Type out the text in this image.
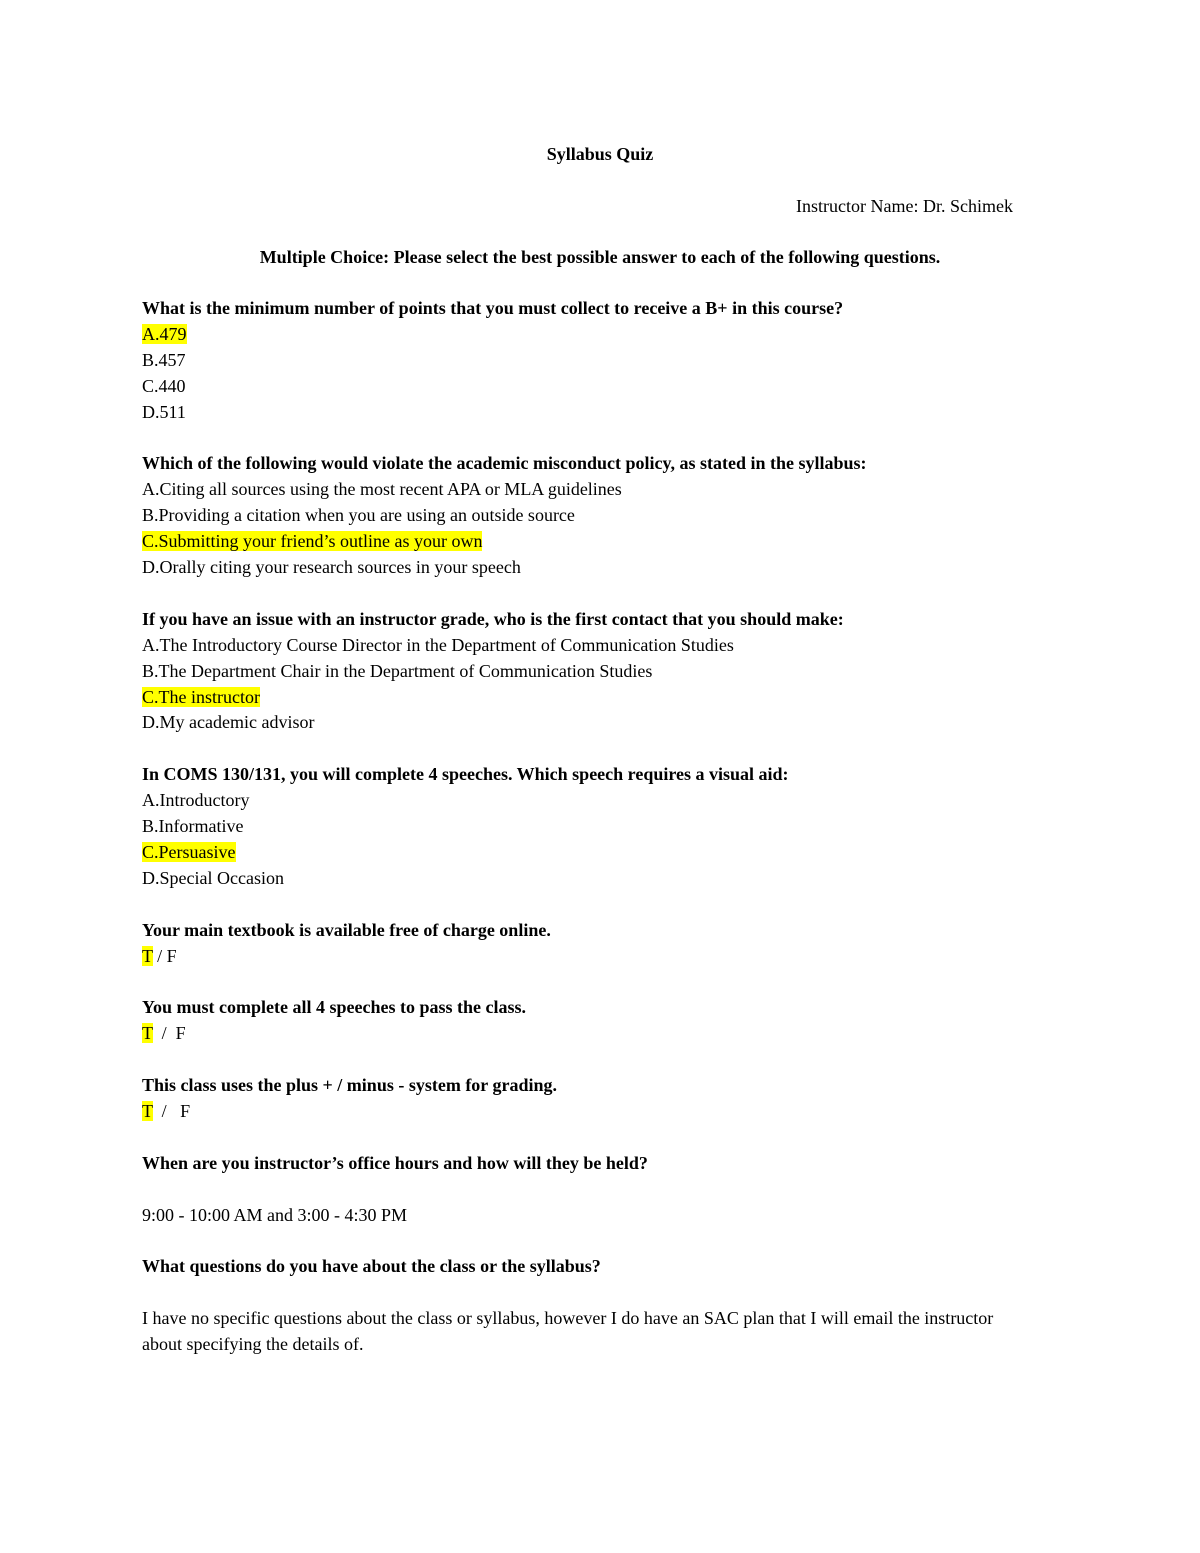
Syllabus Quiz
Instructor Name: Dr. Schimek
Multiple Choice: Please select the best possible answer to each of the following questions.

What is the minimum number of points that you must collect to receive a B+ in this course?

A.479

B.457

C.440

D.511

Which of the following would violate the academic misconduct policy, as stated in the syllabus:

A.Citing all sources using the most recent APA or MLA guidelines

B.Providing a citation when you are using an outside source

C.Submitting your friend’s outline as your own

D.Orally citing your research sources in your speech

If you have an issue with an instructor grade, who is the first contact that you should make:

A.The Introductory Course Director in the Department of Communication Studies

B.The Department Chair in the Department of Communication Studies

C.The instructor

D.My academic advisor

In COMS 130/131, you will complete 4 speeches. Which speech requires a visual aid:

A.Introductory

B.Informative

C.Persuasive

D.Special Occasion

Your main textbook is available free of charge online.

T / F

You must complete all 4 speeches to pass the class.

T  /  F

This class uses the plus + / minus - system for grading.

T  /   F

When are you instructor’s office hours and how will they be held?

9:00 - 10:00 AM and 3:00 - 4:30 PM

What questions do you have about the class or the syllabus?

I have no specific questions about the class or syllabus, however I do have an SAC plan that I will email the instructor about specifying the details of.
